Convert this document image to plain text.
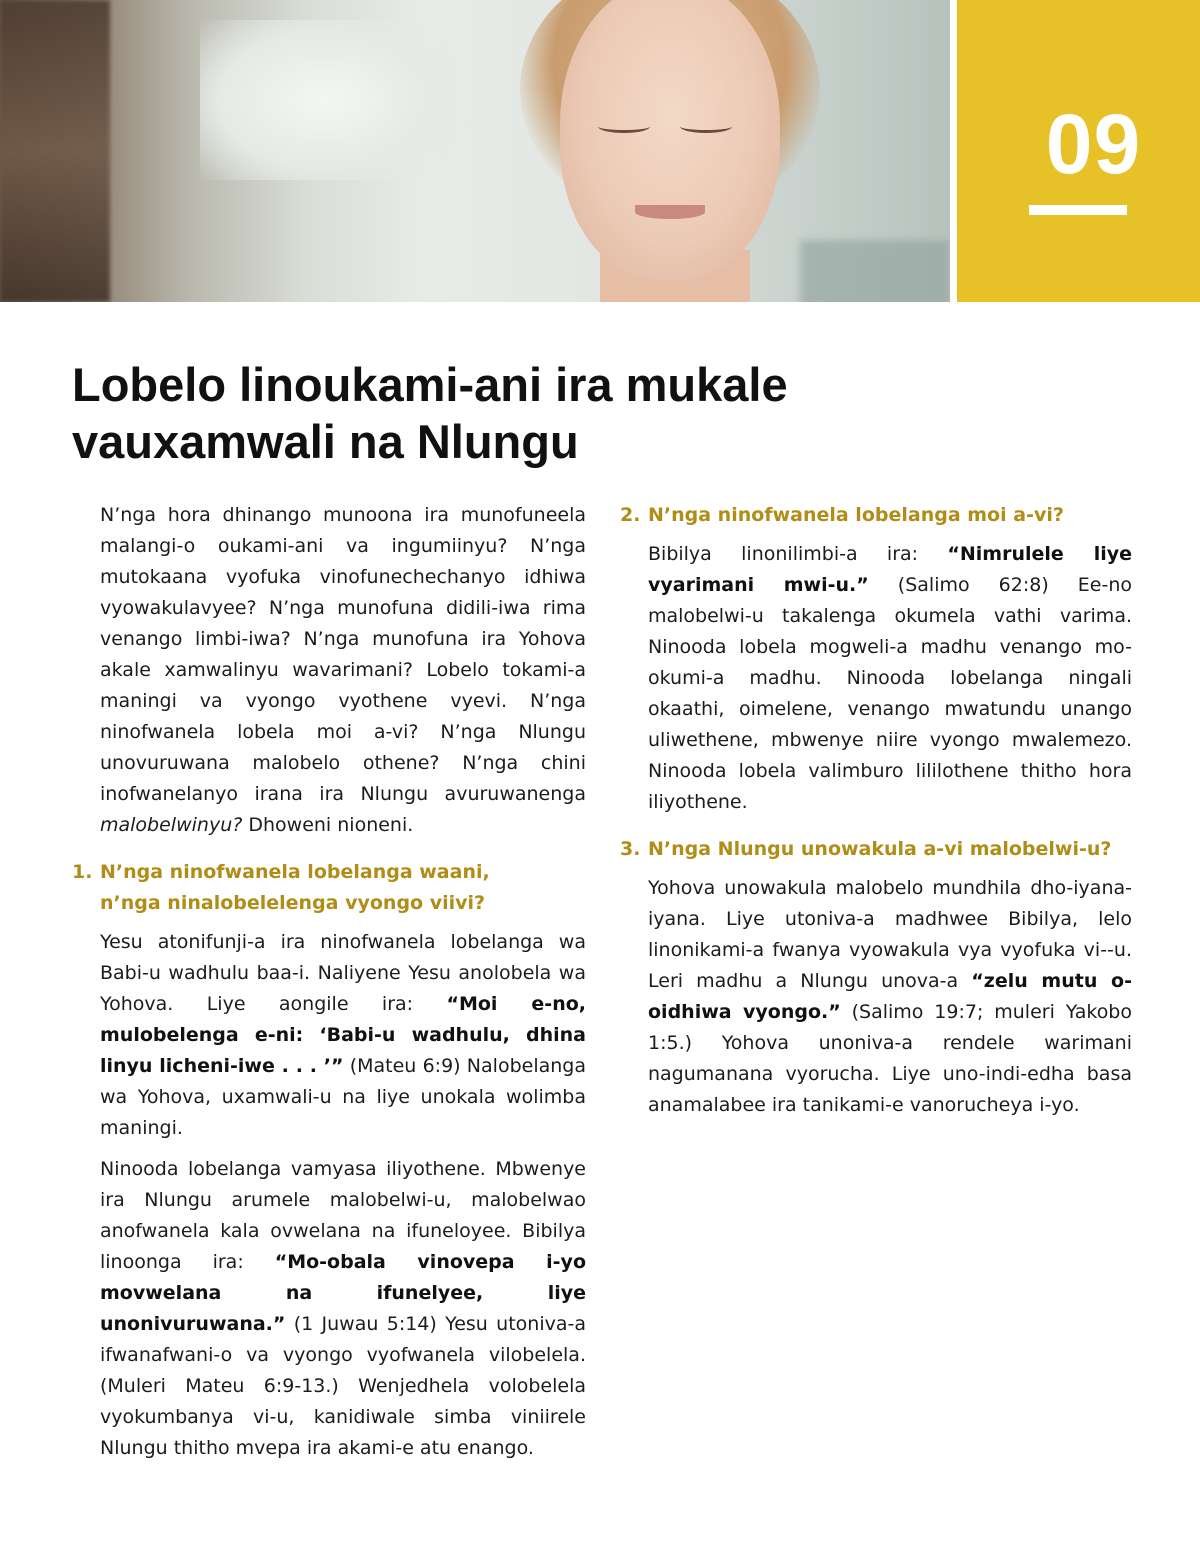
09
Lobelo linoukami-ani ira mukale
vauxamwali na Nlungu

N’nga hora dhinango munoona ira munofuneela malangi-o oukami-ani va ingumiinyu? N’nga mutokaana vyofuka vinofunechechanyo idhiwa vyowakulavyee? N’nga munofuna didili-iwa rima venango limbi-iwa? N’nga munofuna ira Yohova akale xamwalinyu wavarimani? Lobelo tokami-a maningi va vyongo vyothene vyevi. N’nga ninofwanela lobela moi a-vi? N’nga Nlungu unovuruwana malobelo othene? N’nga chini inofwanelanyo irana ira Nlungu avuruwanenga malobelwinyu? Dhoweni nioneni.

1. N’nga ninofwanela lobelanga waani,
n’nga ninalobelelenga vyongo viivi?

Yesu atonifunji-a ira ninofwanela lobelanga wa Babi-u wadhulu baa-i. Naliyene Yesu anolobela wa Yohova. Liye aongile ira: “Moi e-no, mulobelenga e-ni: ‘Babi-u wadhulu, dhina linyu licheni-iwe . . . ’” (Mateu 6:9) Nalobelanga wa Yohova, uxamwali-u na liye unokala wolimba maningi.

Ninooda lobelanga vamyasa iliyothene. Mbwenye ira Nlungu arumele malobelwi-u, malobelwao anofwanela kala ovwelana na ifuneloyee. Bibilya linoonga ira: “Mo-obala vinovepa i-yo movwelana na ifunelyee, liye unonivuruwana.” (1 Juwau 5:14) Yesu utoniva-a ifwanafwani-o va vyongo vyofwanela vilobelela. (Muleri Mateu 6:9-13.) Wenjedhela volobelela vyokumbanya vi-u, kanidiwale simba viniirele Nlungu thitho mvepa ira akami-e atu enango.

2. N’nga ninofwanela lobelanga moi a-vi?

Bibilya linonilimbi-a ira: “Nimrulele liye vyarimani mwi-u.” (Salimo 62:8) Ee-no malobelwi-u takalenga okumela vathi varima. Ninooda lobela mogweli-a madhu venango mo-okumi-a madhu. Ninooda lobelanga ningali okaathi, oimelene, venango mwatundu unango uliwethene, mbwenye niire vyongo mwalemezo. Ninooda lobela valimburo lililothene thitho hora iliyothene.

3. N’nga Nlungu unowakula a-vi malobelwi-u?

Yohova unowakula malobelo mundhila dho-iyana-iyana. Liye utoniva-a madhwee Bibilya, lelo linonikami-a fwanya vyowakula vya vyofuka vi--u. Leri madhu a Nlungu unova-a “zelu mutu o-oidhiwa vyongo.” (Salimo 19:7; muleri Yakobo 1:5.) Yohova unoniva-a rendele warimani nagumanana vyorucha. Liye uno-indi-edha basa anamalabee ira tanikami-e vanorucheya i-yo.
